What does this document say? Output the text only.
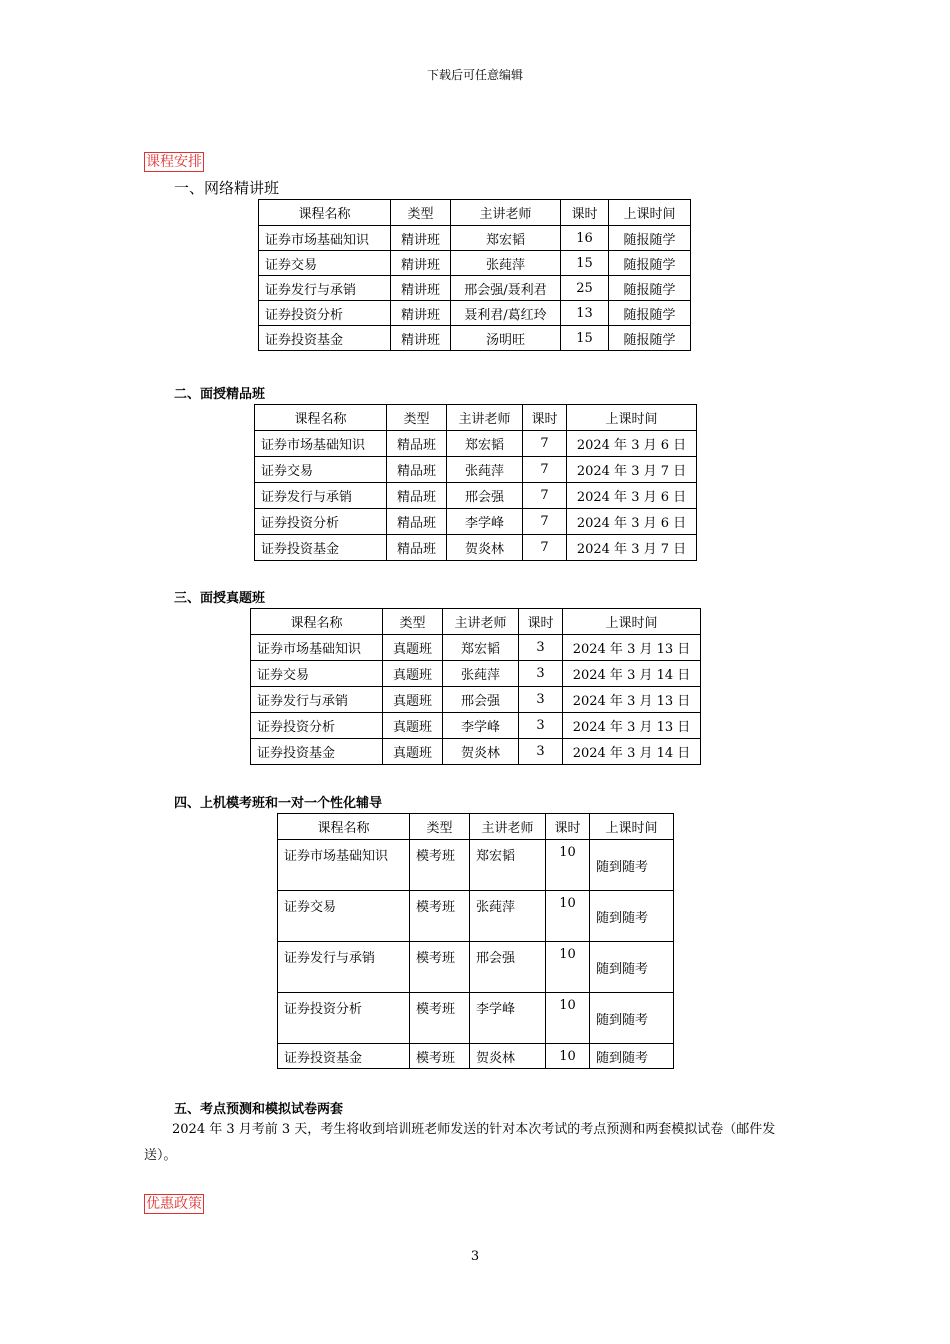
下载后可任意编辑
课程安排
一、网络精讲班
课程名称	类型	主讲老师	课时	上课时间
证券市场基础知识	精讲班	郑宏韬	16	随报随学
证券交易	精讲班	张莼萍	15	随报随学
证券发行与承销	精讲班	邢会强/聂利君	25	随报随学
证券投资分析	精讲班	聂利君/葛红玲	13	随报随学
证券投资基金	精讲班	汤明旺	15	随报随学
二、面授精品班
课程名称	类型	主讲老师	课时	上课时间
证券市场基础知识	精品班	郑宏韬	7	2024 年 3 月 6 日
证券交易	精品班	张莼萍	7	2024 年 3 月 7 日
证券发行与承销	精品班	邢会强	7	2024 年 3 月 6 日
证券投资分析	精品班	李学峰	7	2024 年 3 月 6 日
证券投资基金	精品班	贺炎林	7	2024 年 3 月 7 日
三、面授真题班
课程名称	类型	主讲老师	课时	上课时间
证券市场基础知识	真题班	郑宏韬	3	2024 年 3 月 13 日
证券交易	真题班	张莼萍	3	2024 年 3 月 14 日
证券发行与承销	真题班	邢会强	3	2024 年 3 月 13 日
证券投资分析	真题班	李学峰	3	2024 年 3 月 13 日
证券投资基金	真题班	贺炎林	3	2024 年 3 月 14 日
四、上机模考班和一对一个性化辅导
课程名称	类型	主讲老师	课时	上课时间
证券市场基础知识	模考班	郑宏韬	10	随到随考
证券交易	模考班	张莼萍	10	随到随考
证券发行与承销	模考班	邢会强	10	随到随考
证券投资分析	模考班	李学峰	10	随到随考
证券投资基金	模考班	贺炎林	10	随到随考
五、考点预测和模拟试卷两套
2024 年 3 月考前 3 天，考生将收到培训班老师发送的针对本次考试的考点预测和两套模拟试卷（邮件发送）。
优惠政策
3
